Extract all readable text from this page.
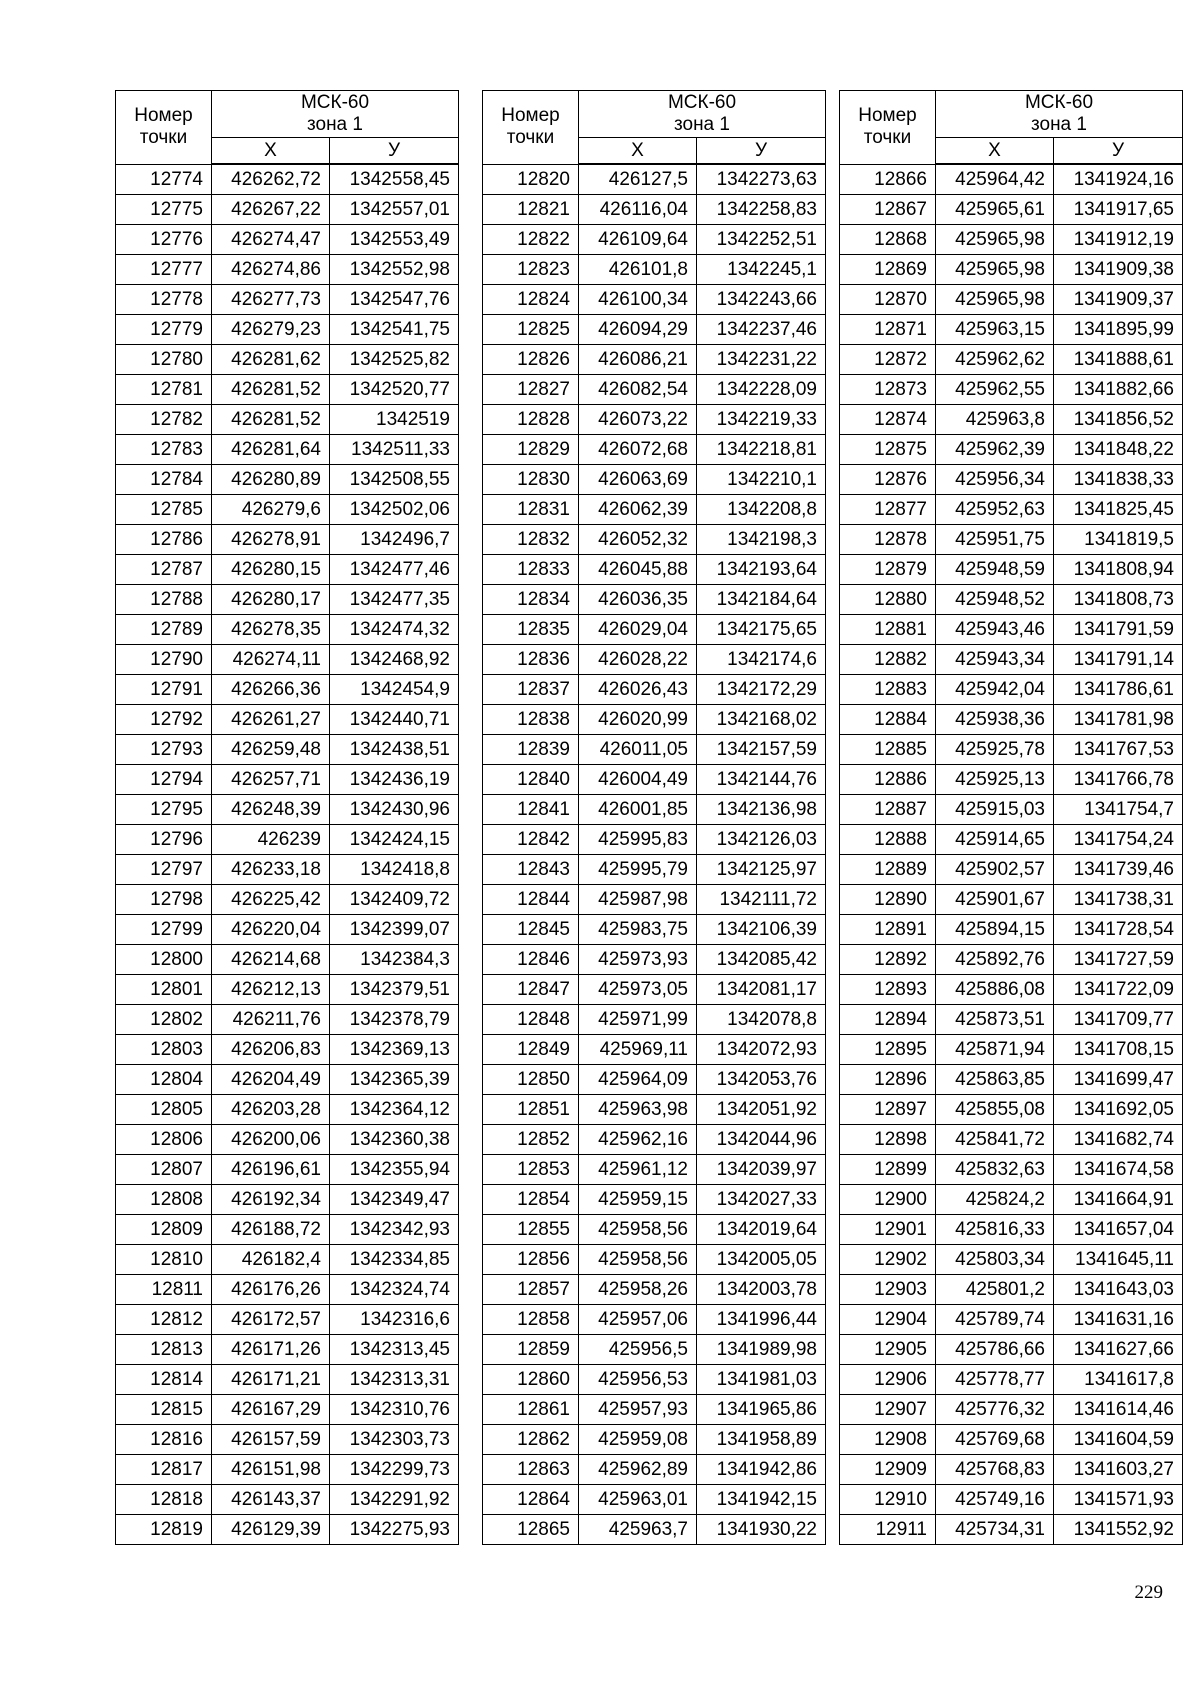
Номер
точки	МСК-60
зона 1	
	Х	У
12774	426262,72	1342558,45
12775	426267,22	1342557,01
12776	426274,47	1342553,49
12777	426274,86	1342552,98
12778	426277,73	1342547,76
12779	426279,23	1342541,75
12780	426281,62	1342525,82
12781	426281,52	1342520,77
12782	426281,52	1342519
12783	426281,64	1342511,33
12784	426280,89	1342508,55
12785	426279,6	1342502,06
12786	426278,91	1342496,7
12787	426280,15	1342477,46
12788	426280,17	1342477,35
12789	426278,35	1342474,32
12790	426274,11	1342468,92
12791	426266,36	1342454,9
12792	426261,27	1342440,71
12793	426259,48	1342438,51
12794	426257,71	1342436,19
12795	426248,39	1342430,96
12796	426239	1342424,15
12797	426233,18	1342418,8
12798	426225,42	1342409,72
12799	426220,04	1342399,07
12800	426214,68	1342384,3
12801	426212,13	1342379,51
12802	426211,76	1342378,79
12803	426206,83	1342369,13
12804	426204,49	1342365,39
12805	426203,28	1342364,12
12806	426200,06	1342360,38
12807	426196,61	1342355,94
12808	426192,34	1342349,47
12809	426188,72	1342342,93
12810	426182,4	1342334,85
12811	426176,26	1342324,74
12812	426172,57	1342316,6
12813	426171,26	1342313,45
12814	426171,21	1342313,31
12815	426167,29	1342310,76
12816	426157,59	1342303,73
12817	426151,98	1342299,73
12818	426143,37	1342291,92
12819	426129,39	1342275,93
Номер
точки	МСК-60
зона 1	
	Х	У
12820	426127,5	1342273,63
12821	426116,04	1342258,83
12822	426109,64	1342252,51
12823	426101,8	1342245,1
12824	426100,34	1342243,66
12825	426094,29	1342237,46
12826	426086,21	1342231,22
12827	426082,54	1342228,09
12828	426073,22	1342219,33
12829	426072,68	1342218,81
12830	426063,69	1342210,1
12831	426062,39	1342208,8
12832	426052,32	1342198,3
12833	426045,88	1342193,64
12834	426036,35	1342184,64
12835	426029,04	1342175,65
12836	426028,22	1342174,6
12837	426026,43	1342172,29
12838	426020,99	1342168,02
12839	426011,05	1342157,59
12840	426004,49	1342144,76
12841	426001,85	1342136,98
12842	425995,83	1342126,03
12843	425995,79	1342125,97
12844	425987,98	1342111,72
12845	425983,75	1342106,39
12846	425973,93	1342085,42
12847	425973,05	1342081,17
12848	425971,99	1342078,8
12849	425969,11	1342072,93
12850	425964,09	1342053,76
12851	425963,98	1342051,92
12852	425962,16	1342044,96
12853	425961,12	1342039,97
12854	425959,15	1342027,33
12855	425958,56	1342019,64
12856	425958,56	1342005,05
12857	425958,26	1342003,78
12858	425957,06	1341996,44
12859	425956,5	1341989,98
12860	425956,53	1341981,03
12861	425957,93	1341965,86
12862	425959,08	1341958,89
12863	425962,89	1341942,86
12864	425963,01	1341942,15
12865	425963,7	1341930,22
Номер
точки	МСК-60
зона 1	
	Х	У
12866	425964,42	1341924,16
12867	425965,61	1341917,65
12868	425965,98	1341912,19
12869	425965,98	1341909,38
12870	425965,98	1341909,37
12871	425963,15	1341895,99
12872	425962,62	1341888,61
12873	425962,55	1341882,66
12874	425963,8	1341856,52
12875	425962,39	1341848,22
12876	425956,34	1341838,33
12877	425952,63	1341825,45
12878	425951,75	1341819,5
12879	425948,59	1341808,94
12880	425948,52	1341808,73
12881	425943,46	1341791,59
12882	425943,34	1341791,14
12883	425942,04	1341786,61
12884	425938,36	1341781,98
12885	425925,78	1341767,53
12886	425925,13	1341766,78
12887	425915,03	1341754,7
12888	425914,65	1341754,24
12889	425902,57	1341739,46
12890	425901,67	1341738,31
12891	425894,15	1341728,54
12892	425892,76	1341727,59
12893	425886,08	1341722,09
12894	425873,51	1341709,77
12895	425871,94	1341708,15
12896	425863,85	1341699,47
12897	425855,08	1341692,05
12898	425841,72	1341682,74
12899	425832,63	1341674,58
12900	425824,2	1341664,91
12901	425816,33	1341657,04
12902	425803,34	1341645,11
12903	425801,2	1341643,03
12904	425789,74	1341631,16
12905	425786,66	1341627,66
12906	425778,77	1341617,8
12907	425776,32	1341614,46
12908	425769,68	1341604,59
12909	425768,83	1341603,27
12910	425749,16	1341571,93
12911	425734,31	1341552,92
229
